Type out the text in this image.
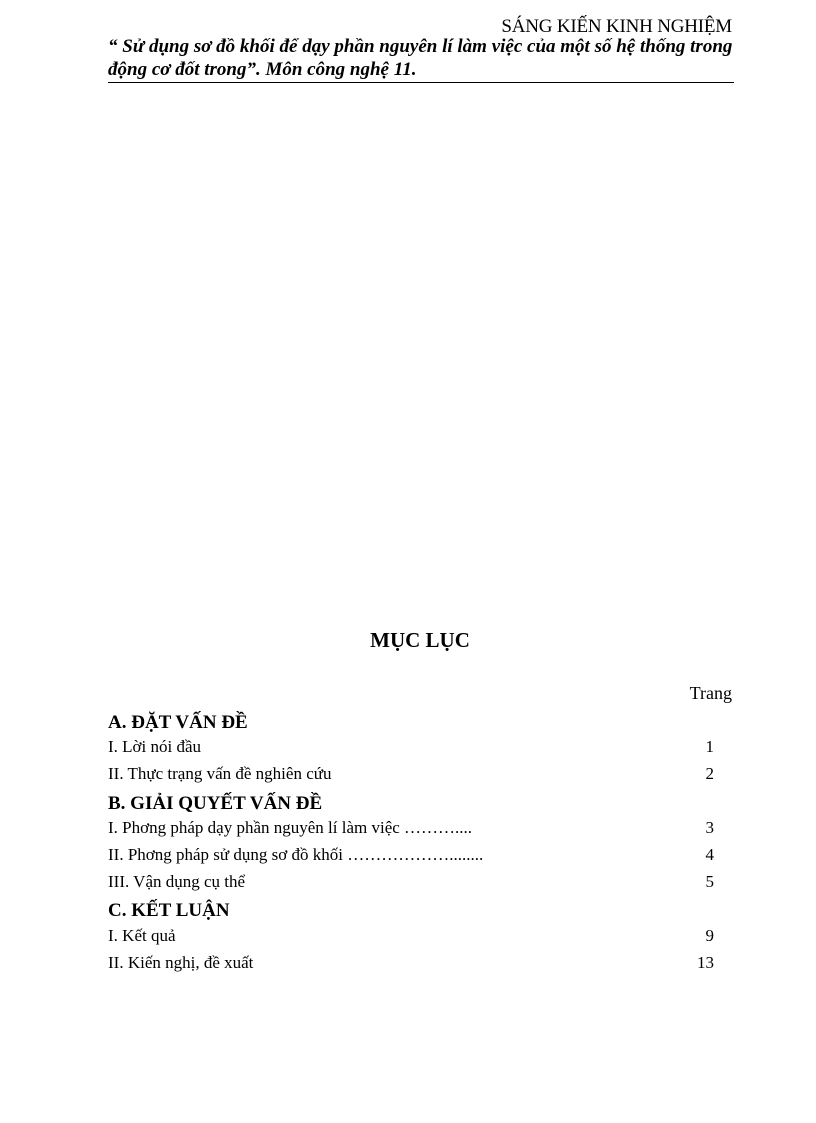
SÁNG KIẾN KINH NGHIỆM
“ Sử dụng sơ đồ khối để dạy phần nguyên lí làm việc của một số hệ thống trong
động cơ đốt trong”. Môn công nghệ 11.
MỤC LỤC
Trang
A. ĐẶT VẤN ĐỀ
I. Lời nói đầu	1
II. Thực trạng vấn đề nghiên cứu	2
B. GIẢI QUYẾT VẤN ĐỀ
I. Phơng pháp dạy phần nguyên lí làm việc ………....	3
II. Phơng pháp sử dụng sơ đồ khối ………………........	4
III. Vận dụng cụ thể	5
C. KẾT LUẬN
I. Kết quả	9
II. Kiến nghị, đề xuất	13
